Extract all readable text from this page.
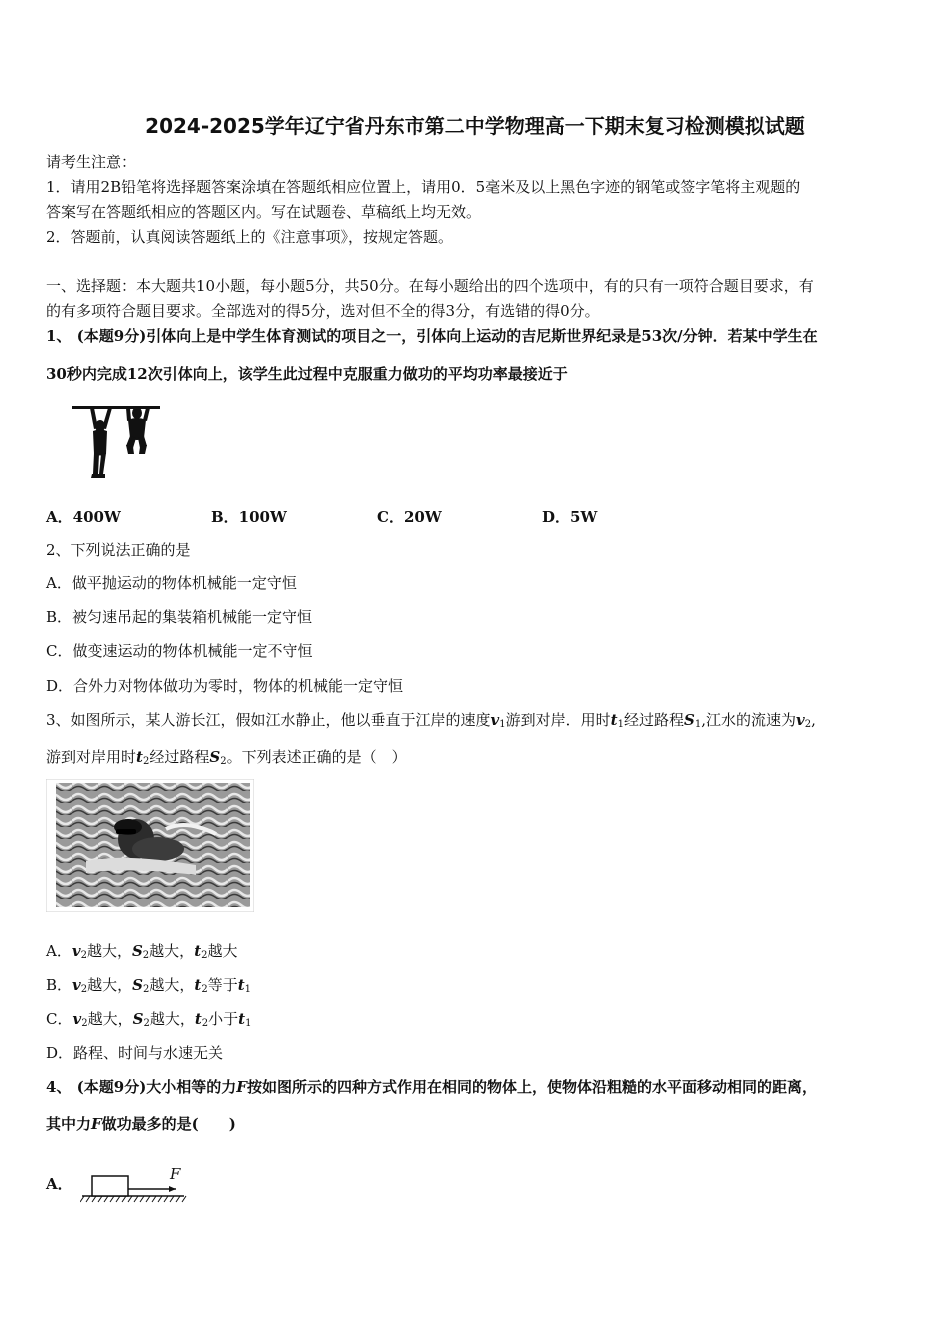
2024-2025学年辽宁省丹东市第二中学物理高一下期末复习检测模拟试题
请考生注意：
1．请用2B铅笔将选择题答案涂填在答题纸相应位置上，请用0．5毫米及以上黑色字迹的钢笔或签字笔将主观题的
答案写在答题纸相应的答题区内。写在试题卷、草稿纸上均无效。
2．答题前，认真阅读答题纸上的《注意事项》，按规定答题。
一、选择题：本大题共10小题，每小题5分，共50分。在每小题给出的四个选项中，有的只有一项符合题目要求，有
的有多项符合题目要求。全部选对的得5分，选对但不全的得3分，有选错的得0分。
1、 (本题9分)引体向上是中学生体育测试的项目之一，引体向上运动的吉尼斯世界纪录是53次/分钟．若某中学生在
30秒内完成12次引体向上，该学生此过程中克服重力做功的平均功率最接近于
A．400W	B．100W	C．20W	D．5W
2、下列说法正确的是
A．做平抛运动的物体机械能一定守恒
B．被匀速吊起的集装箱机械能一定守恒
C．做变速运动的物体机械能一定不守恒
D．合外力对物体做功为零时，物体的机械能一定守恒
3、如图所示，某人游长江，假如江水静止，他以垂直于江岸的速度$v_1$游到对岸．用时$t_1$经过路程$S_1$,江水的流速为$v_2$,
游到对岸用时$t_2$经过路程$S_2$。下列表述正确的是（　）
A．$v_2$越大，$S_2$越大，$t_2$越大
B．$v_2$越大，$S_2$越大，$t_2$等于$t_1$
C．$v_2$越大，$S_2$越大，$t_2$小于$t_1$
D．路程、时间与水速无关
4、 (本题9分)大小相等的力F按如图所示的四种方式作用在相同的物体上，使物体沿粗糙的水平面移动相同的距离，
其中力F做功最多的是(　　)
A．
F
